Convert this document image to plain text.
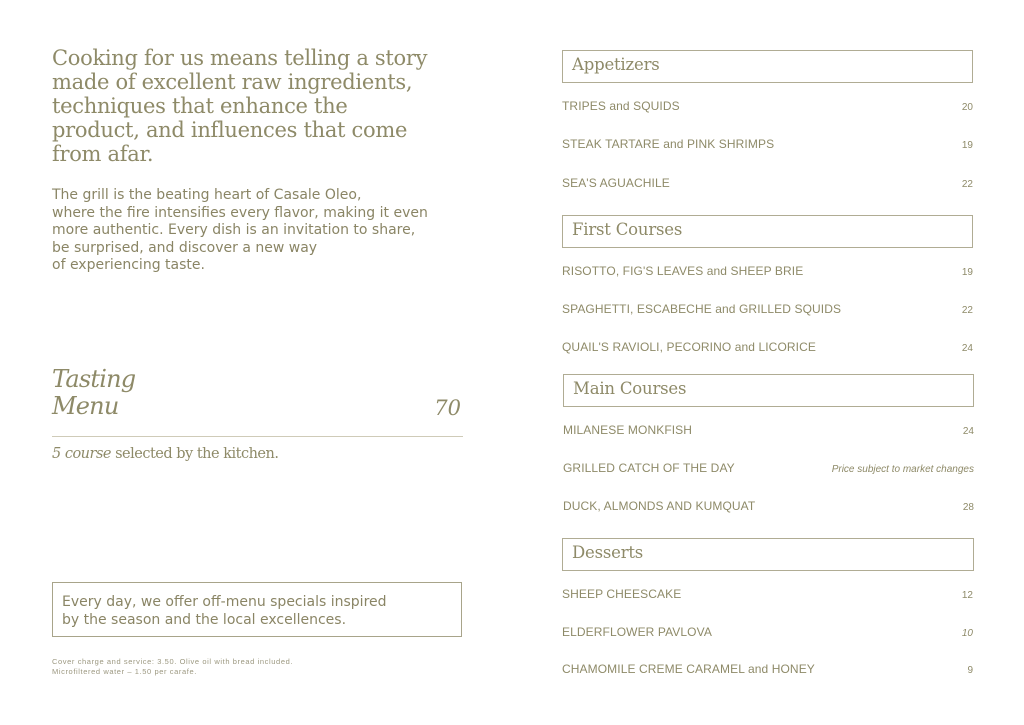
Cooking for us means telling a story
made of excellent raw ingredients,
techniques that enhance the
product, and influences that come
from afar.
The grill is the beating heart of Casale Oleo,
where the fire intensifies every flavor, making it even
more authentic. Every dish is an invitation to share,
be surprised, and discover a new way
of experiencing taste.
Tasting
Menu	70
5 course selected by the kitchen.
Every day, we offer off-menu specials inspired
by the season and the local excellences.
Cover charge and service: 3.50. Olive oil with bread included.
Microfiltered water – 1.50 per carafe.
Appetizers
TRIPES and SQUIDS	20
STEAK TARTARE and PINK SHRIMPS	19
SEA'S AGUACHILE	22
First Courses
RISOTTO, FIG'S LEAVES and SHEEP BRIE	19
SPAGHETTI, ESCABECHE and GRILLED SQUIDS	22
QUAIL'S RAVIOLI, PECORINO and LICORICE	24
Main Courses
MILANESE MONKFISH	24
GRILLED CATCH OF THE DAY	Price subject to market changes
DUCK, ALMONDS AND KUMQUAT	28
Desserts
SHEEP CHEESCAKE	12
ELDERFLOWER PAVLOVA	10
CHAMOMILE CREME CARAMEL and HONEY	9
